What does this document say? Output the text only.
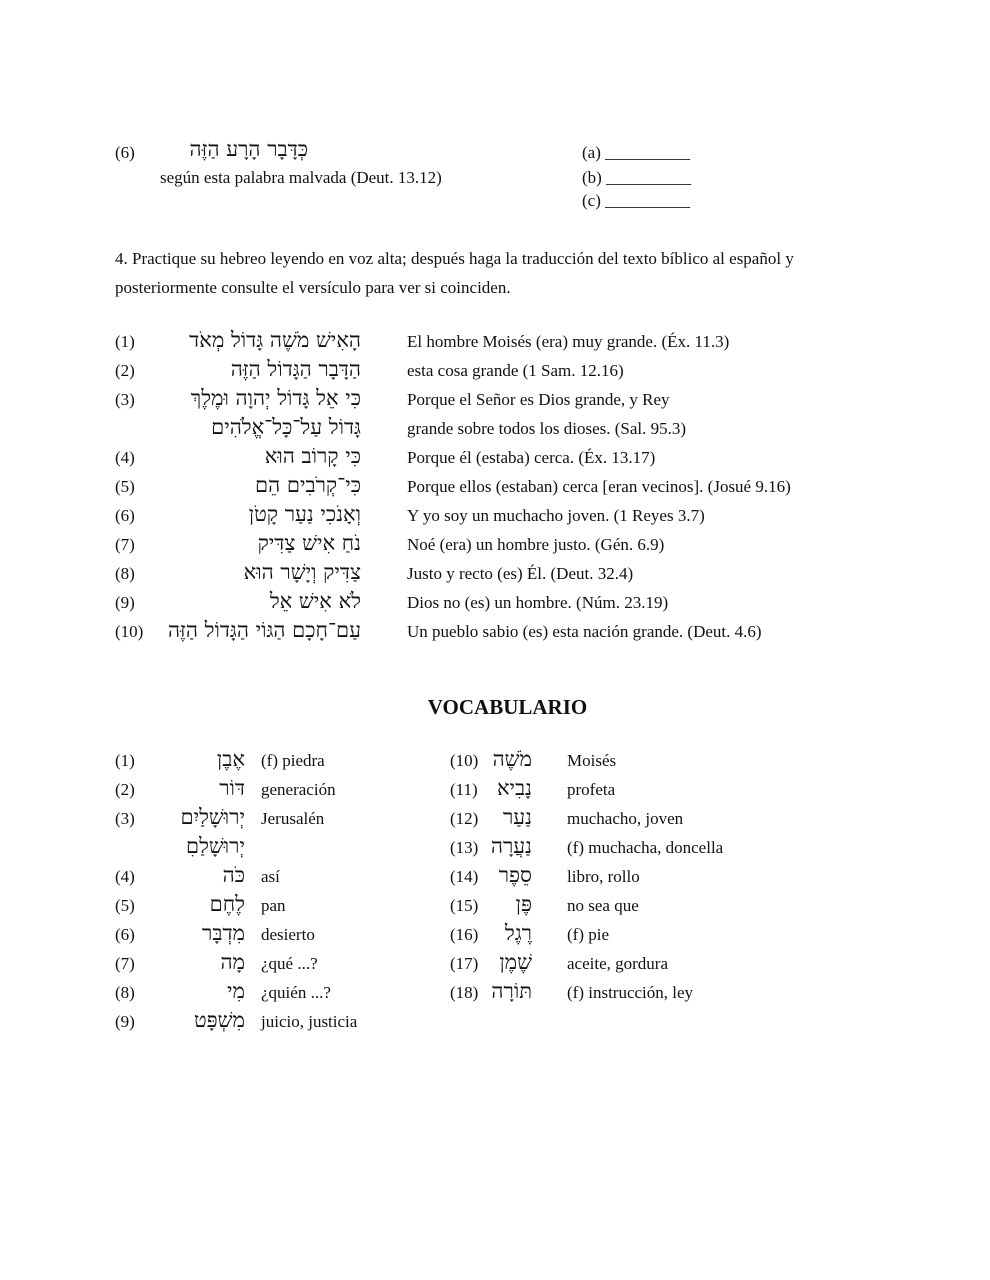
(6)	כְּדָּבָר הָרָע הַזֶּה
según esta palabra malvada (Deut. 13.12)
(a) __________
(b) __________
(c) __________
4. Practique su hebreo leyendo en voz alta; después haga la traducción del texto bíblico al español y posteriormente consulte el versículo para ver si coinciden.
(1)	הָאִישׁ מֹשֶׁה גָּדוֹל מְאֹד	El hombre Moisés (era) muy grande. (Éx. 11.3)
(2)	הַדָּבָר הַגָּדוֹל הַזֶּה	esta cosa grande (1 Sam. 12.16)
(3)	כִּי אֵל גָּדוֹל יְהוָה וּמֶלֶךְ	Porque el Señor es Dios grande, y Rey
גָּדוֹל עַל־כָּל־אֱלֹהִים	grande sobre todos los dioses. (Sal. 95.3)
(4)	כִּי קָרוֹב הוּא	Porque él (estaba) cerca. (Éx. 13.17)
(5)	כִּי־קְרֹבִים הֵם	Porque ellos (estaban) cerca [eran vecinos]. (Josué 9.16)
(6)	וְאָנֹכִי נַעַר קָטֹן	Y yo soy un muchacho joven. (1 Reyes 3.7)
(7)	נֹחַ אִישׁ צַדִּיק	Noé (era) un hombre justo. (Gén. 6.9)
(8)	צַדִּיק וְיָשָׁר הוּא	Justo y recto (es) Él. (Deut. 32.4)
(9)	לֹא אִישׁ אֵל	Dios no (es) un hombre. (Núm. 23.19)
(10) עַם־חָכָם הַגּוֹי הַגָּדוֹל הַזֶּה	Un pueblo sabio (es) esta nación grande. (Deut. 4.6)
VOCABULARIO
(1)	אֶבֶן (f) piedra
(2)	דּוֹר generación
(3) יְרוּשָׁלַיִם Jerusalén
יְרוּשָׁלַםִ
(4)	כֹּה así
(5)	לֶחֶם pan
(6)	מִדְבָּר desierto
(7)	מָה ¿qué ...?
(8)	מִי ¿quién ...?
(9)	מִשְׁפָּט juicio, justicia
(10) מֹשֶׁה Moisés
(11) נָבִיא profeta
(12) נַעַר muchacho, joven
(13) נַעֲרָה (f) muchacha, doncella
(14) סֵפֶר libro, rollo
(15) פֶּן no sea que
(16) רֶגֶל (f) pie
(17) שֶׁמֶן aceite, gordura
(18) תּוֹרָה (f) instrucción, ley
